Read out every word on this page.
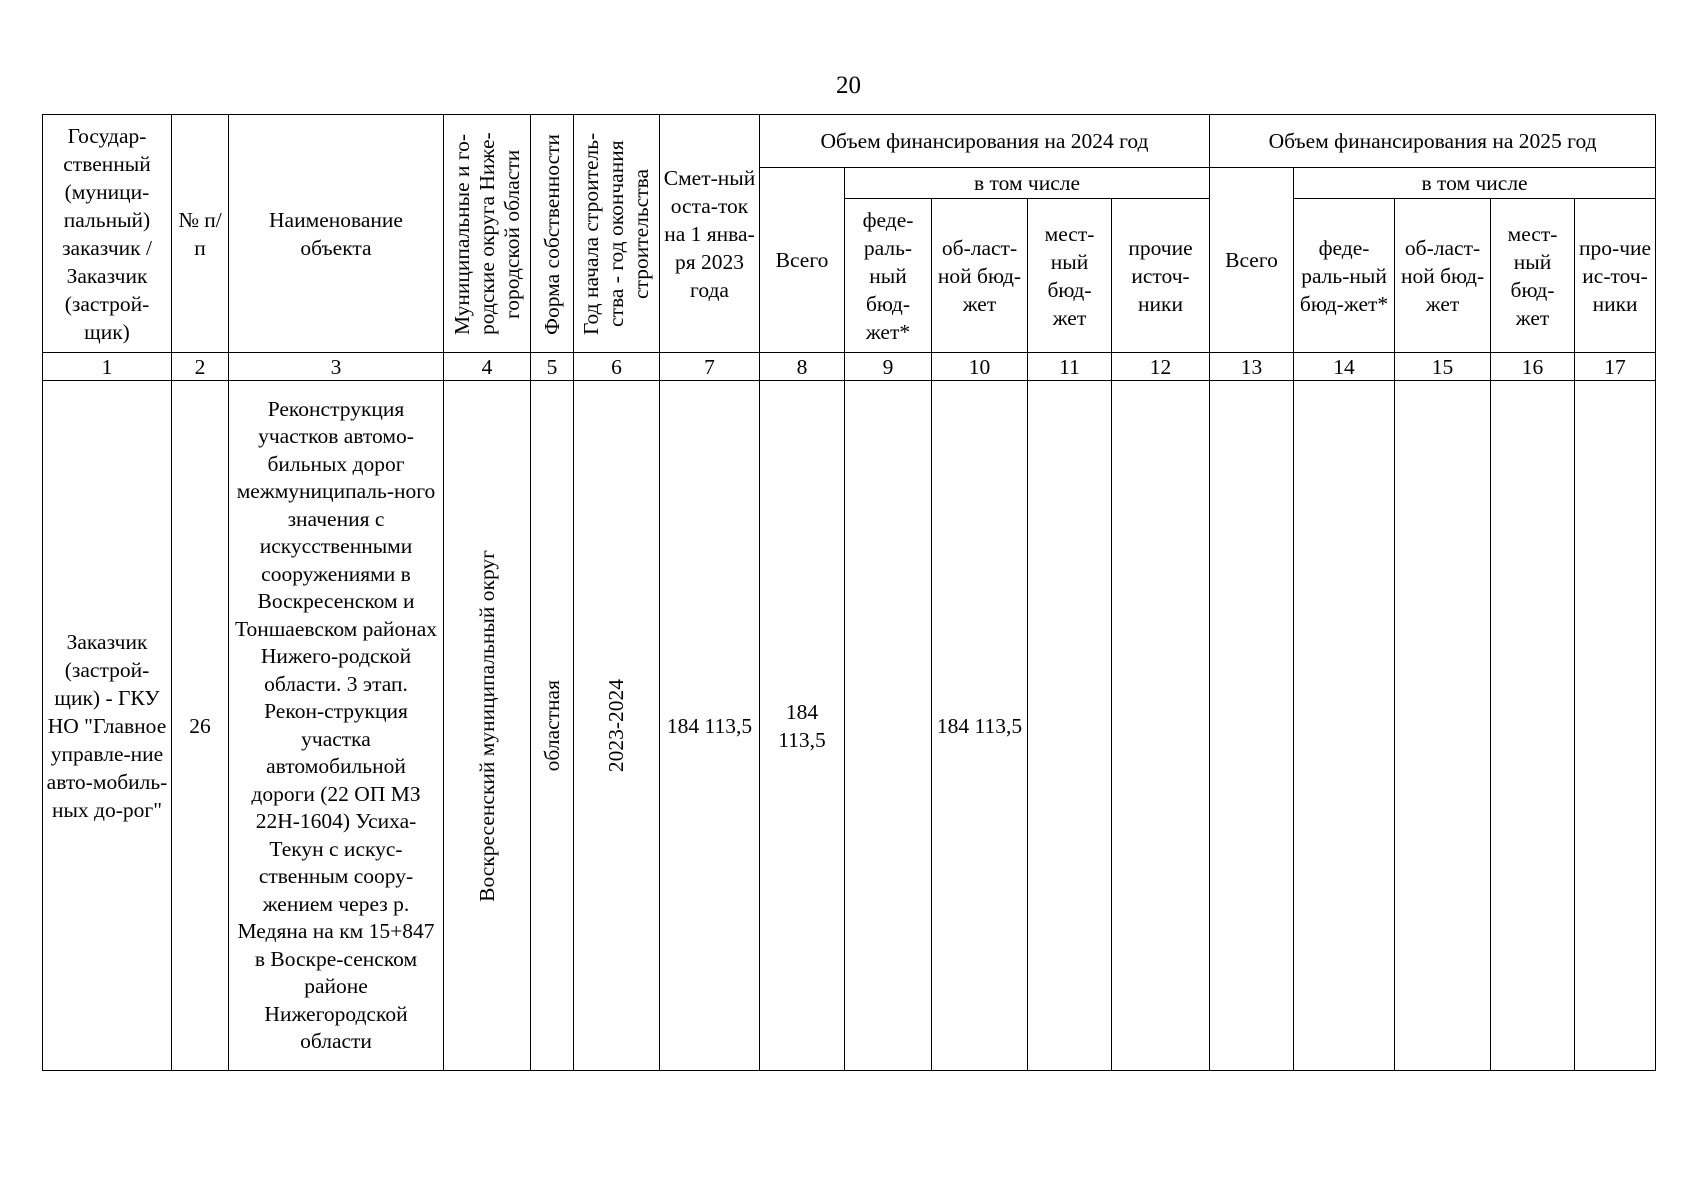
20
Государ-ственный (муници-пальный) заказчик / Заказчик (застрой-щик)	№ п/п	Наименование объекта	Муниципальные и го-родские округа Ниже-городской области	Форма собственности	Год начала строитель-ства - год окончания строительства	Смет-ный оста-ток на 1 янва-ря 2023 года	Объем финансирования на 2024 год					Объем финансирования на 2025 год				
							Всего	в том числе				Всего	в том числе			
								феде-раль-ный бюд-жет*	об-ласт-ной бюд-жет	мест-ный бюд-жет	прочие источ-ники		феде-раль-ный бюд-жет*	об-ласт-ной бюд-жет	мест-ный бюд-жет	про-чие ис-точ-ники
1	2	3	4	5	6	7	8	9	10	11	12	13	14	15	16	17
Заказчик (застрой-щик) - ГКУ НО "Главное управле-ние авто-мобиль-ных до-рог"	26	Реконструкция участков автомо-бильных дорог межмуниципаль-ного значения с искусственными сооружениями в Воскресенском и Тоншаевском районах Нижего-родской области. 3 этап. Рекон-струкция участка автомобильной дороги (22 ОП МЗ 22Н-1604) Усиха-Текун с искус-ственным соору-жением через р. Медяна на км 15+847 в Воскре-сенском районе Нижегородской области	Воскресенский муниципальный округ	областная	2023-2024	184 113,5	184 113,5		184 113,5							
